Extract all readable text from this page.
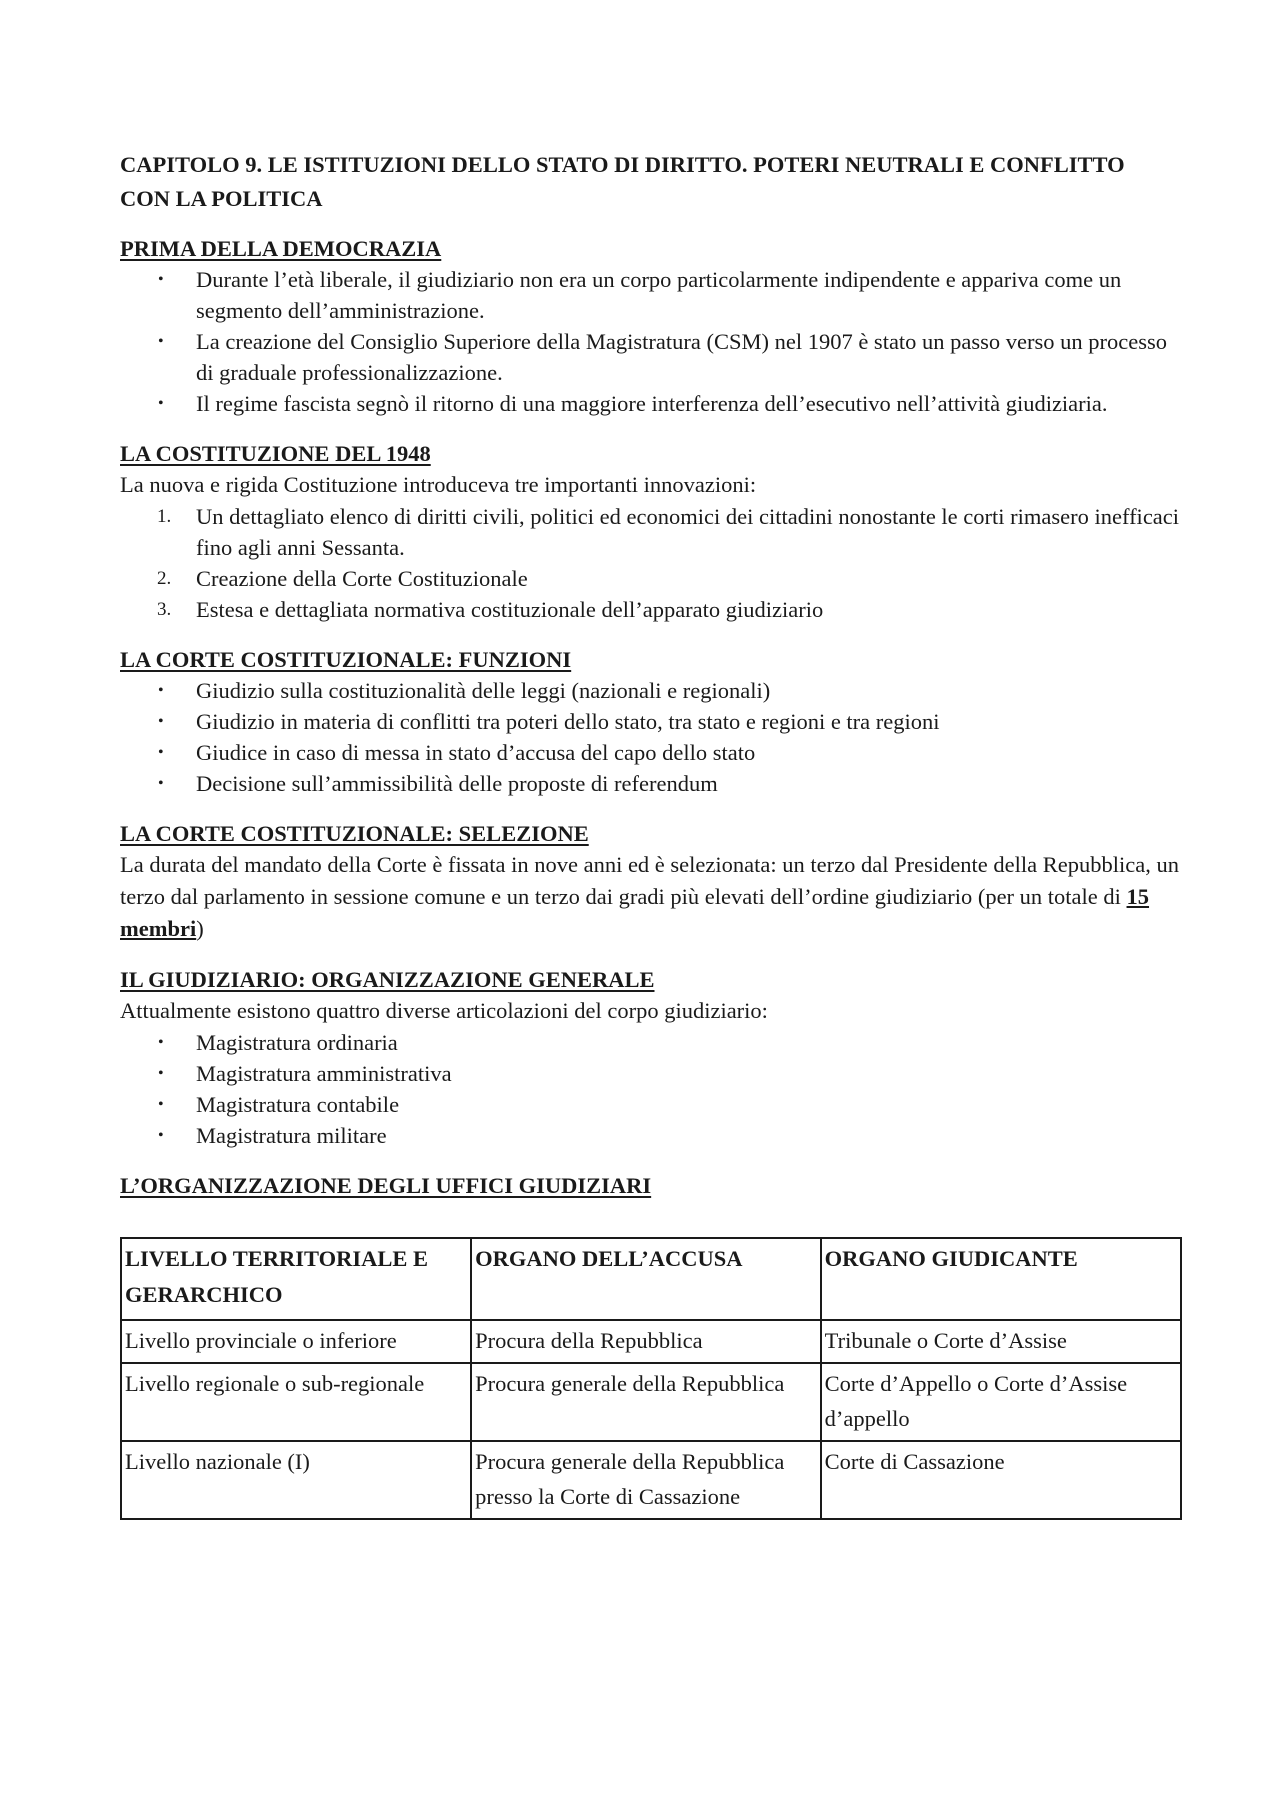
CAPITOLO 9. LE ISTITUZIONI DELLO STATO DI DIRITTO. POTERI NEUTRALI E CONFLITTO CON LA POLITICA
PRIMA DELLA DEMOCRAZIA
• Durante l’età liberale, il giudiziario non era un corpo particolarmente indipendente e appariva come un segmento dell’amministrazione.
• La creazione del Consiglio Superiore della Magistratura (CSM) nel 1907 è stato un passo verso un processo di graduale professionalizzazione.
• Il regime fascista segnò il ritorno di una maggiore interferenza dell’esecutivo nell’attività giudiziaria.
LA COSTITUZIONE DEL 1948

La nuova e rigida Costituzione introduceva tre importanti innovazioni:

1. Un dettagliato elenco di diritti civili, politici ed economici dei cittadini nonostante le corti rimasero inefficaci fino agli anni Sessanta.
2. Creazione della Corte Costituzionale
3. Estesa e dettagliata normativa costituzionale dell’apparato giudiziario
LA CORTE COSTITUZIONALE: FUNZIONI
• Giudizio sulla costituzionalità delle leggi (nazionali e regionali)
• Giudizio in materia di conflitti tra poteri dello stato, tra stato e regioni e tra regioni
• Giudice in caso di messa in stato d’accusa del capo dello stato
• Decisione sull’ammissibilità delle proposte di referendum
LA CORTE COSTITUZIONALE: SELEZIONE

La durata del mandato della Corte è fissata in nove anni ed è selezionata: un terzo dal Presidente della Repubblica, un terzo dal parlamento in sessione comune e un terzo dai gradi più elevati dell’ordine giudiziario (per un totale di 15 membri)

IL GIUDIZIARIO: ORGANIZZAZIONE GENERALE

Attualmente esistono quattro diverse articolazioni del corpo giudiziario:

• Magistratura ordinaria
• Magistratura amministrativa
• Magistratura contabile
• Magistratura militare
L’ORGANIZZAZIONE DEGLI UFFICI GIUDIZIARI
LIVELLO TERRITORIALE E GERARCHICO	ORGANO DELL’ACCUSA	ORGANO GIUDICANTE
Livello provinciale o inferiore	Procura della Repubblica	Tribunale o Corte d’Assise
Livello regionale o sub-regionale	Procura generale della Repubblica	Corte d’Appello o Corte d’Assise d’appello
Livello nazionale (I)	Procura generale della Repubblica presso la Corte di Cassazione	Corte di Cassazione
